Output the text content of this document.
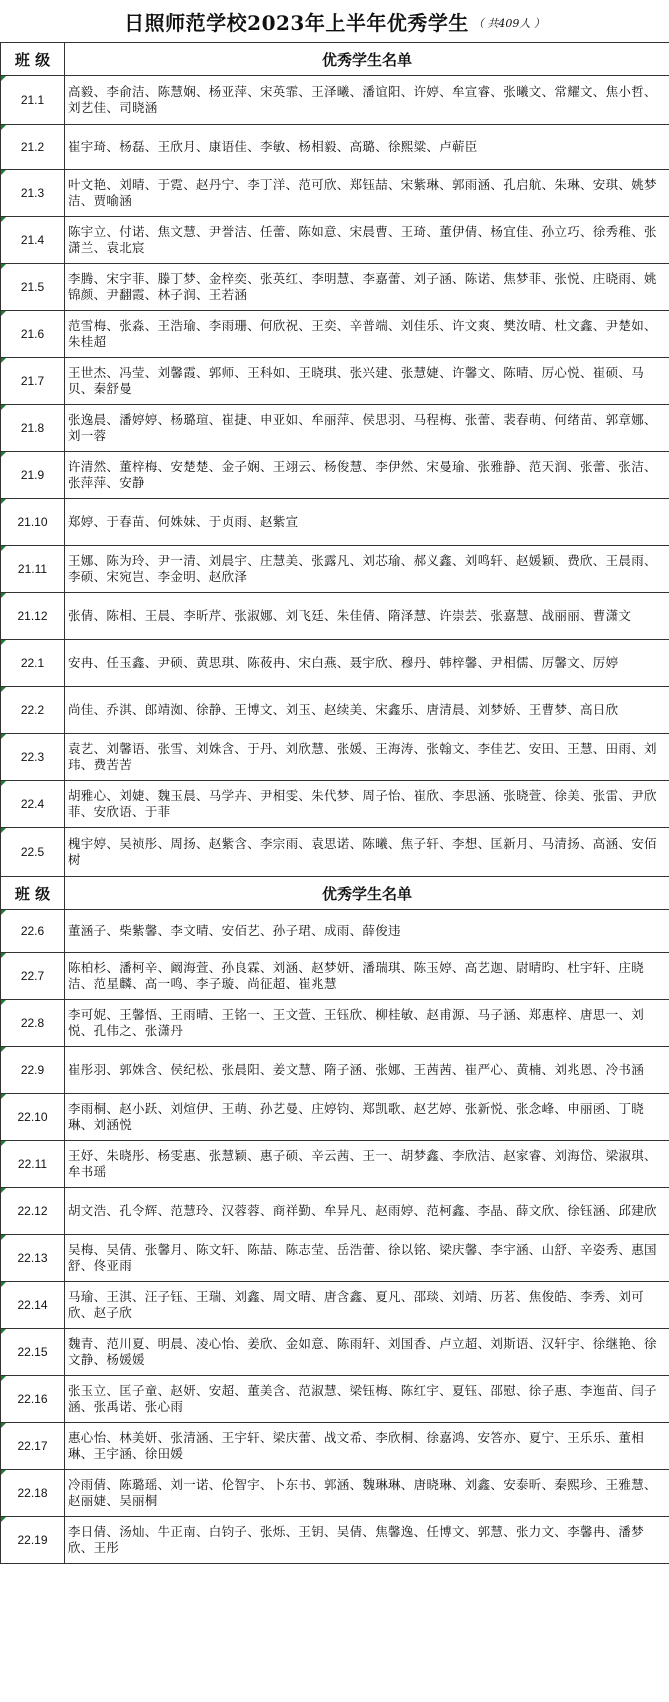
日照师范学校2023年上半年优秀学生 （ 共409人 ）
班 级	优秀学生名单
21.1	高毅、李俞洁、陈慧娴、杨亚萍、宋英霏、王泽曦、潘谊阳、许婷、牟宣睿、张曦文、常耀文、焦小哲、刘艺佳、司晓涵
21.2	崔宇琦、杨磊、王欣月、康语佳、李敏、杨相毅、高璐、徐熙粱、卢蕲臣
21.3	叶文艳、刘晴、于霓、赵丹宁、李丁洋、范可欣、郑钰喆、宋紫琳、郭雨涵、孔启航、朱琳、安琪、姚梦洁、贾喻涵
21.4	陈宇立、付诺、焦文慧、尹誉洁、任蕾、陈如意、宋晨曹、王琦、董伊倩、杨宜佳、孙立巧、徐秀稚、张潇兰、袁北宸
21.5	李腾、宋宇菲、滕丁梦、金梓奕、张英红、李明慧、李嘉蕾、刘子涵、陈诺、焦梦菲、张悦、庄晓雨、姚锦颜、尹翻霞、林子润、王若涵
21.6	范雪梅、张淼、王浩瑜、李雨珊、何欣祝、王奕、辛普端、刘佳乐、许文爽、樊汝晴、杜文鑫、尹楚如、朱桂超
21.7	王世杰、冯莹、刘馨霞、郭师、王科如、王晓琪、张兴建、张慧婕、许馨文、陈晴、厉心悦、崔硕、马贝、秦舒曼
21.8	张逸晨、潘婷婷、杨璐瑄、崔捷、申亚如、牟丽萍、侯思羽、马程梅、张蕾、裴春萌、何绪苗、郭章娜、刘一蓉
21.9	许清然、董梓梅、安楚楚、金子娴、王翊云、杨俊慧、李伊然、宋曼瑜、张雅静、范天润、张蕾、张洁、张萍萍、安静
21.10	郑婷、于春苗、何姝妹、于贞雨、赵紫宣
21.11	王娜、陈为玲、尹一清、刘晨宇、庄慧美、张露凡、刘芯瑜、郝义鑫、刘鸣轩、赵媛颖、费欣、王晨雨、李硕、宋宛岂、李金明、赵欣泽
21.12	张倩、陈相、王晨、李昕芹、张淑娜、刘飞廷、朱佳倩、隋泽慧、许崇芸、张嘉慧、战丽丽、曹潇文
22.1	安冉、任玉鑫、尹硕、黄思琪、陈莜冉、宋白燕、聂宇欣、穆丹、韩梓馨、尹相儒、厉馨文、厉婷
22.2	尚佳、乔淇、郎靖洳、徐静、王博文、刘玉、赵续美、宋鑫乐、唐清晨、刘梦娇、王曹梦、高日欣
22.3	袁艺、刘馨语、张雪、刘姝含、于丹、刘欣慧、张媛、王海涛、张翰文、李佳艺、安田、王慧、田雨、刘玮、费苦苦
22.4	胡雅心、刘婕、魏玉晨、马学卉、尹相雯、朱代梦、周子怡、崔欣、李思涵、张晓萱、徐美、张雷、尹欣菲、安欣语、于菲
22.5	槐宇婷、吴祯彤、周扬、赵紫含、李宗雨、袁思诺、陈曦、焦子轩、李想、匡新月、马清扬、高涵、安佰树
班 级	优秀学生名单
22.6	董涵子、柴紫馨、李文晴、安佰艺、孙子珺、成雨、薛俊违
22.7	陈柏杉、潘柯辛、阚海萱、孙良霖、刘涵、赵梦妍、潘瑞琪、陈玉婷、高艺迦、尉晴昀、杜宇轩、庄晓洁、范星麟、高一鸣、李子璇、尚征超、崔兆慧
22.8	李可妮、王馨悟、王雨晴、王铭一、王文萱、王钰欣、柳桂敏、赵甫源、马子涵、郑惠梓、唐思一、刘悦、孔伟之、张潇丹
22.9	崔彤羽、郭姝含、侯纪松、张晨阳、姜文慧、隋子涵、张娜、王茜茜、崔严心、黄楠、刘兆恩、冷书涵
22.10	李雨桐、赵小跃、刘煊伊、王萌、孙艺曼、庄婷钧、郑凯歌、赵艺婷、张新悦、张念峰、申丽函、丁晓琳、刘涵悦
22.11	王妤、朱晓彤、杨雯惠、张慧颖、惠子硕、辛云茜、王一、胡梦鑫、李欣洁、赵家睿、刘海岱、梁淑琪、牟书瑶
22.12	胡文浩、孔令辉、范慧玲、汉蓉蓉、商祥勤、牟异凡、赵雨婷、范柯鑫、李晶、薛文欣、徐钰涵、邱建欣
22.13	吴梅、吴倩、张馨月、陈文轩、陈喆、陈志莹、岳浩蕾、徐以铭、梁庆馨、李宇涵、山舒、辛姿秀、惠国舒、佟亚雨
22.14	马瑜、王淇、汪子钰、王瑞、刘鑫、周文晴、唐含鑫、夏凡、邵琰、刘靖、历茗、焦俊皓、李秀、刘可欣、赵子欣
22.15	魏青、范川夏、明晨、凌心怡、姜欣、金如意、陈雨轩、刘国香、卢立超、刘斯语、汉轩宇、徐继艳、徐文静、杨媛媛
22.16	张玉立、匡子童、赵妍、安超、董美含、范淑慧、梁钰梅、陈红宇、夏钰、邵慰、徐子惠、李迤苗、闫子涵、张禹诺、张心雨
22.17	惠心怡、林美妍、张清涵、王宇轩、梁庆蕾、战文希、李欣桐、徐嘉鸿、安答亦、夏宁、王乐乐、董相琳、王宇涵、徐田媛
22.18	冷雨倩、陈璐瑶、刘一诺、伦智宇、卜东书、郭涵、魏琳琳、唐晓琳、刘鑫、安泰昕、秦熙珍、王雅慧、赵丽婕、吴丽桐
22.19	李日倩、汤灿、牛正南、白钧子、张烁、王钥、吴倩、焦馨逸、任博文、郭慧、张力文、李馨冉、潘梦欣、王彤
